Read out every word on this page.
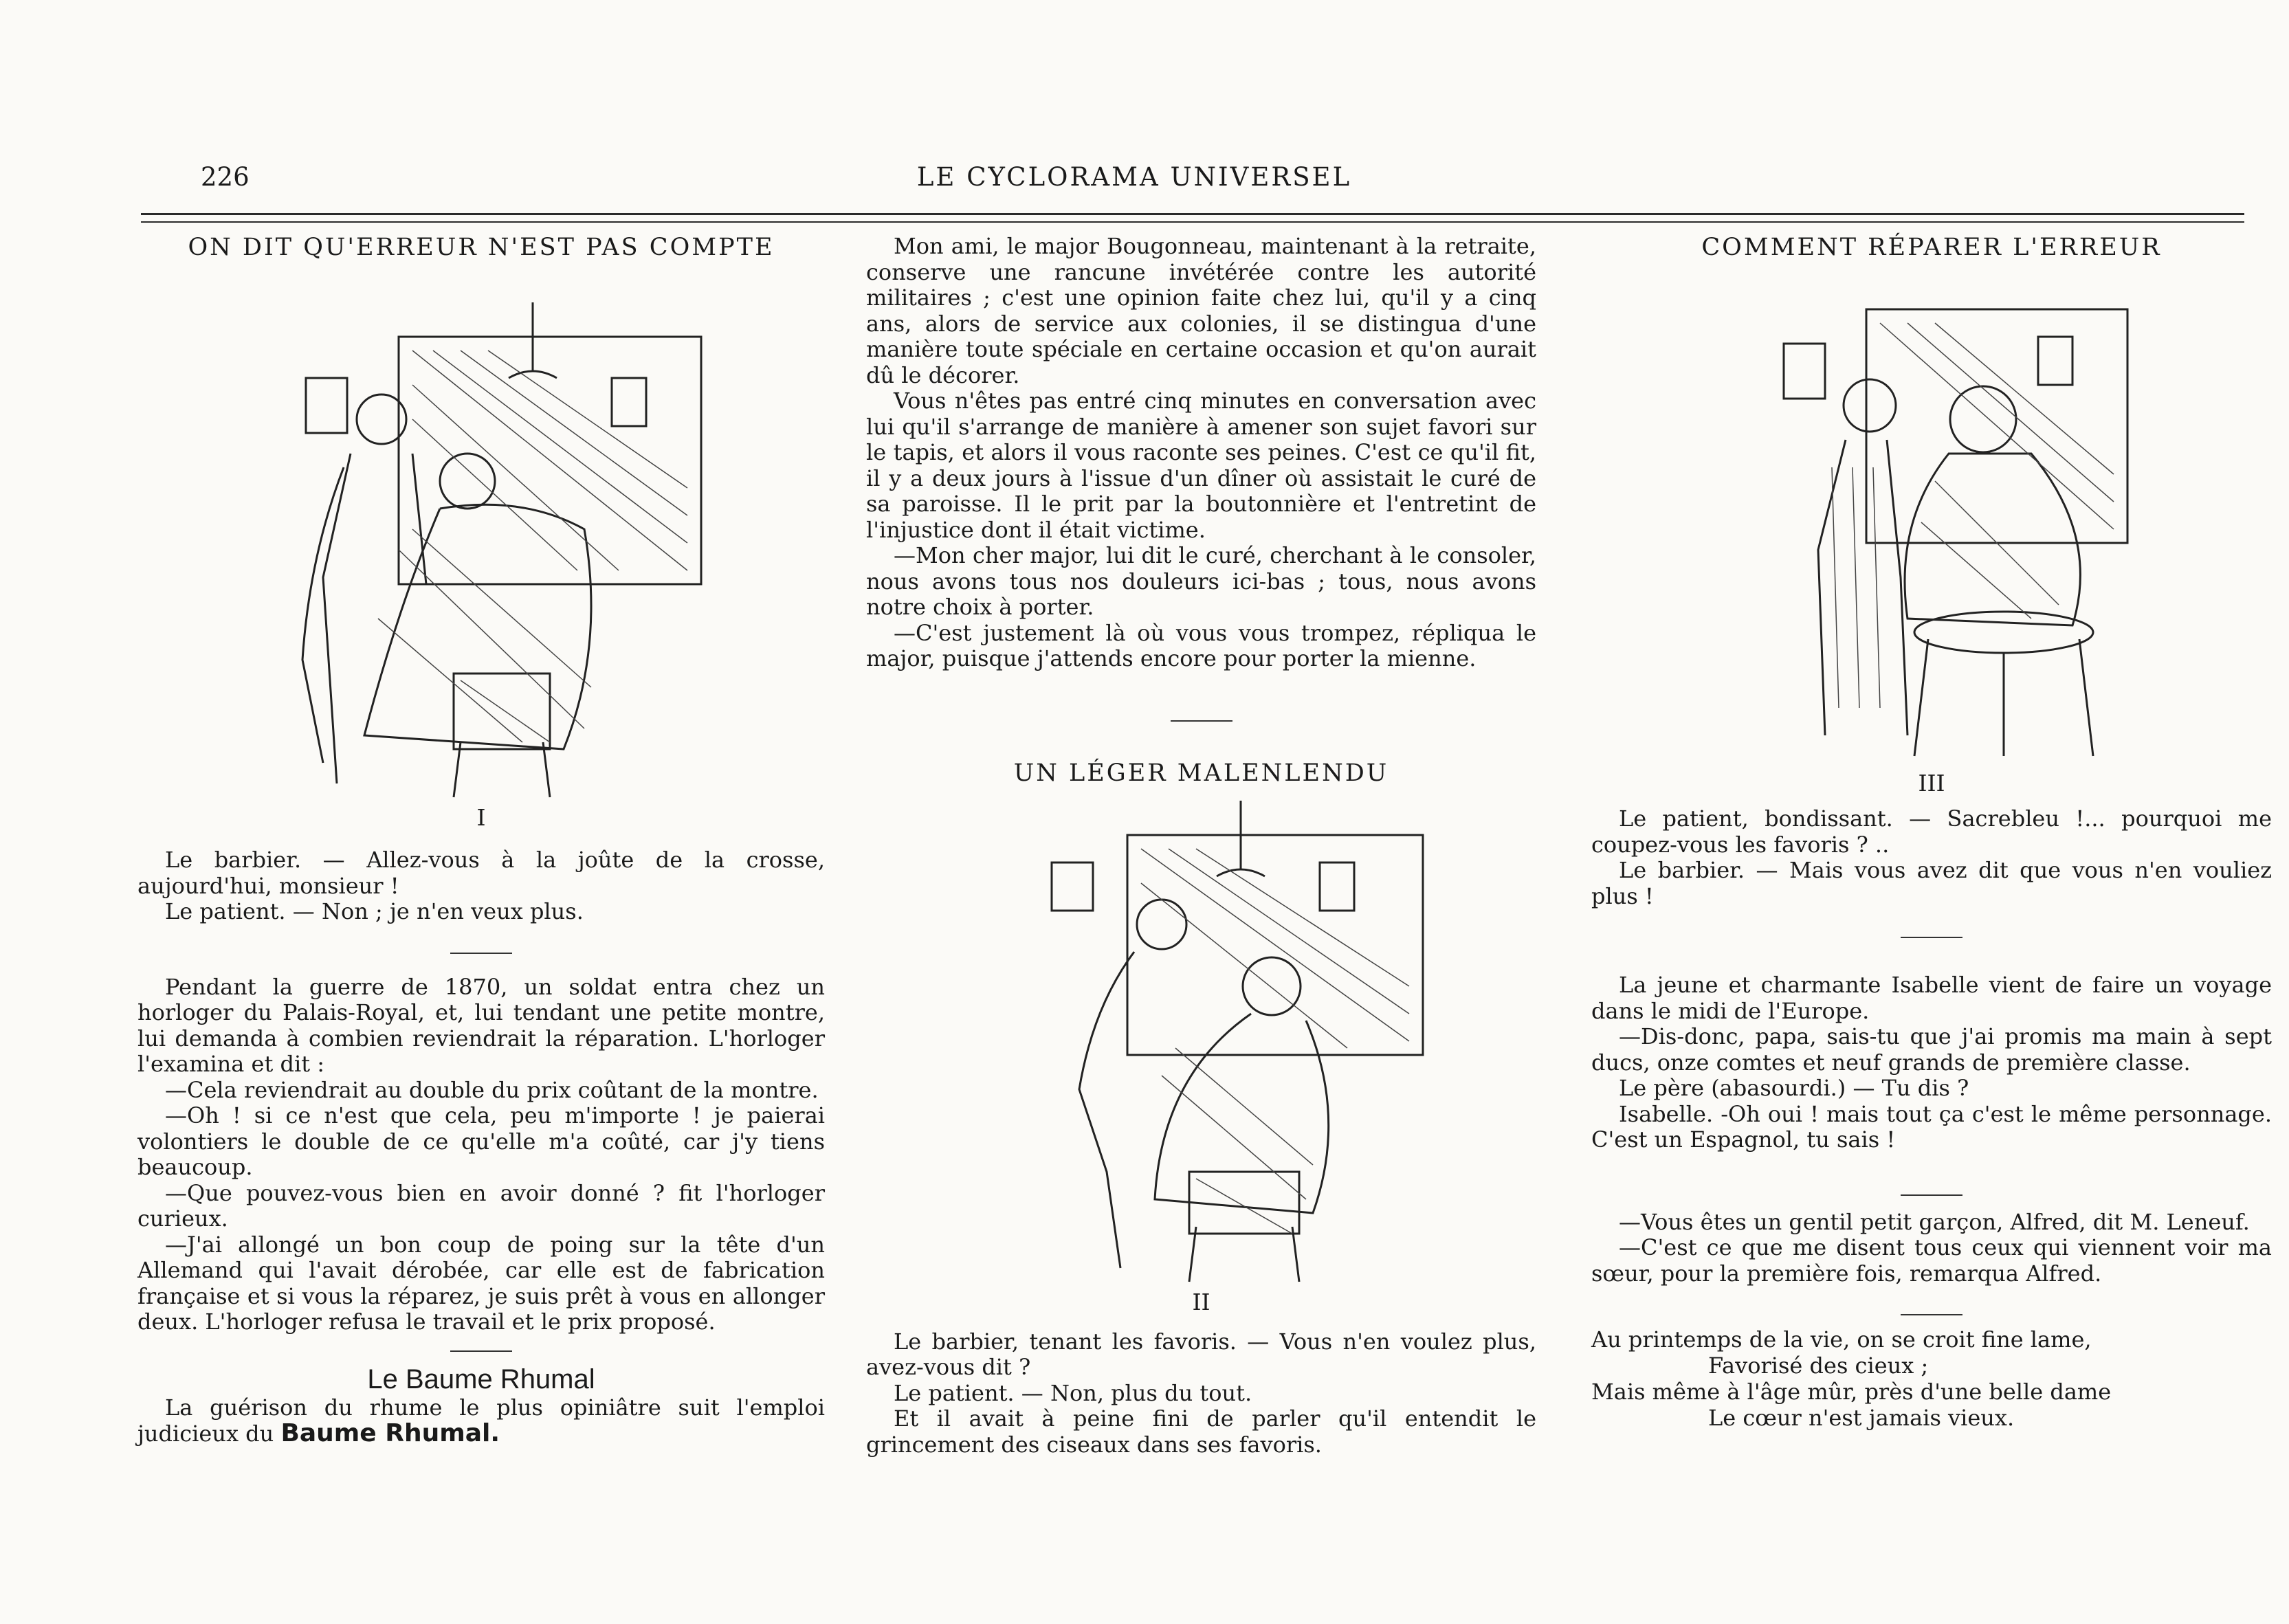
226	LE CYCLORAMA UNIVERSEL

ON DIT QU'ERREUR N'EST PAS COMPTE

I

Le barbier. — Allez-vous à la joûte de la crosse, aujourd'hui, monsieur !

Le patient. — Non ; je n'en veux plus.

Pendant la guerre de 1870, un soldat entra chez un horloger du Palais-Royal, et, lui tendant une petite montre, lui demanda à combien reviendrait la réparation. L'horloger l'examina et dit :

—Cela reviendrait au double du prix coûtant de la montre.

—Oh ! si ce n'est que cela, peu m'importe ! je paierai volontiers le double de ce qu'elle m'a coûté, car j'y tiens beaucoup.

—Que pouvez-vous bien en avoir donné ? fit l'horloger curieux.

—J'ai allongé un bon coup de poing sur la tête d'un Allemand qui l'avait dérobée, car elle est de fabrication française et si vous la réparez, je suis prêt à vous en allonger deux. L'horloger refusa le travail et le prix proposé.

Le Baume Rhumal

La guérison du rhume le plus opiniâtre suit l'emploi judicieux du Baume Rhumal.

Mon ami, le major Bougonneau, maintenant à la retraite, conserve une rancune invétérée contre les autorité militaires ; c'est une opinion faite chez lui, qu'il y a cinq ans, alors de service aux colonies, il se distingua d'une manière toute spéciale en certaine occasion et qu'on aurait dû le décorer.

Vous n'êtes pas entré cinq minutes en conversation avec lui qu'il s'arrange de manière à amener son sujet favori sur le tapis, et alors il vous raconte ses peines. C'est ce qu'il fit, il y a deux jours à l'issue d'un dîner où assistait le curé de sa paroisse. Il le prit par la boutonnière et l'entretint de l'injustice dont il était victime.

—Mon cher major, lui dit le curé, cherchant à le consoler, nous avons tous nos douleurs ici-bas ; tous, nous avons notre choix à porter.

—C'est justement là où vous vous trompez, répliqua le major, puisque j'attends encore pour porter la mienne.

UN LÉGER MALENLENDU

II

Le barbier, tenant les favoris. — Vous n'en voulez plus, avez-vous dit ?

Le patient. — Non, plus du tout.

Et il avait à peine fini de parler qu'il entendit le grincement des ciseaux dans ses favoris.

COMMENT RÉPARER L'ERREUR

III

Le patient, bondissant. — Sacrebleu !... pourquoi me coupez-vous les favoris ? ..

Le barbier. — Mais vous avez dit que vous n'en vouliez plus !

La jeune et charmante Isabelle vient de faire un voyage dans le midi de l'Europe.

—Dis-donc, papa, sais-tu que j'ai promis ma main à sept ducs, onze comtes et neuf grands de première classe.

Le père (abasourdi.) — Tu dis ?

Isabelle. -Oh oui ! mais tout ça c'est le même personnage. C'est un Espagnol, tu sais !

—Vous êtes un gentil petit garçon, Alfred, dit M. Leneuf.

—C'est ce que me disent tous ceux qui viennent voir ma sœur, pour la première fois, remarqua Alfred.

Au printemps de la vie, on se croit fine lame,

Favorisé des cieux ;

Mais même à l'âge mûr, près d'une belle dame

Le cœur n'est jamais vieux.
